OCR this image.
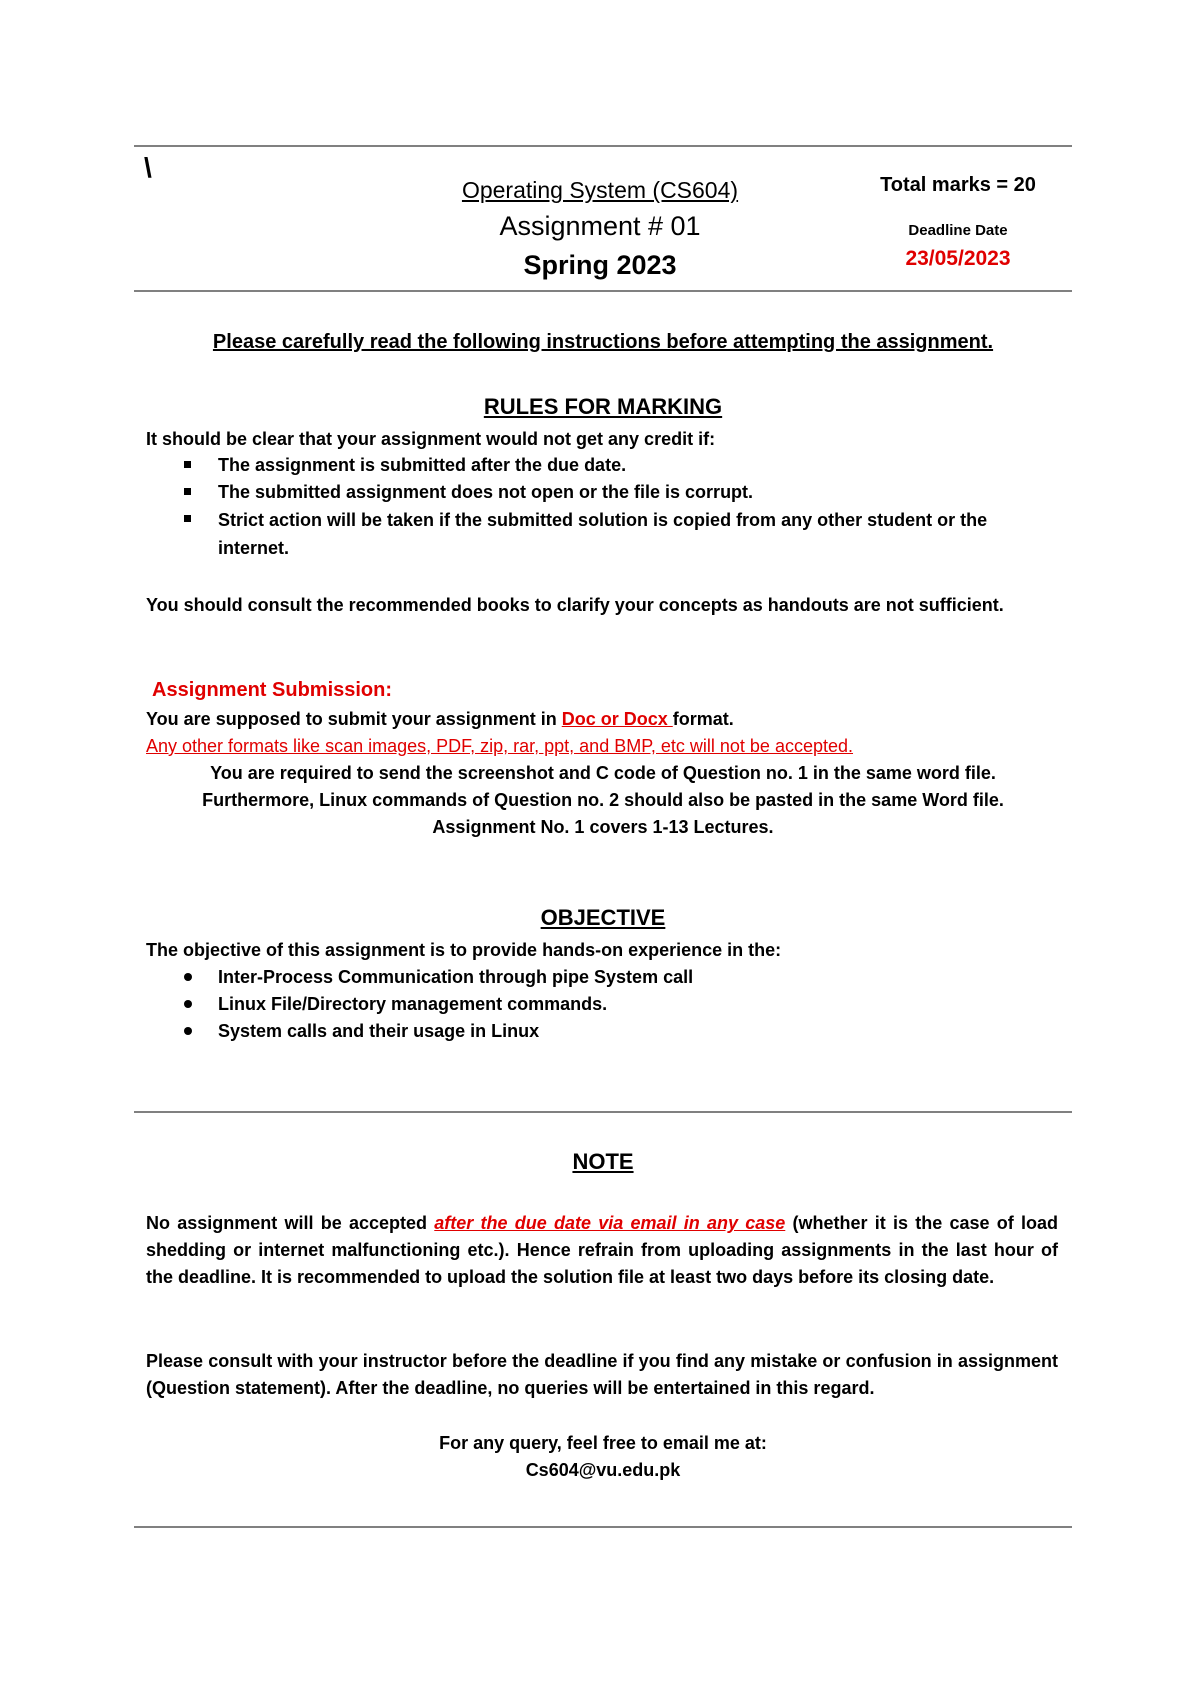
\
Operating System (CS604)
Assignment # 01
Spring 2023
Total marks = 20
Deadline Date
23/05/2023
Please carefully read the following instructions before attempting the assignment.
RULES FOR MARKING
It should be clear that your assignment would not get any credit if:
The assignment is submitted after the due date.
The submitted assignment does not open or the file is corrupt.
Strict action will be taken if the submitted solution is copied from any other student or the internet.
You should consult the recommended books to clarify your concepts as handouts are not sufficient.
Assignment Submission:
You are supposed to submit your assignment in Doc or Docx format.
Any other formats like scan images, PDF, zip, rar, ppt, and BMP, etc will not be accepted.
You are required to send the screenshot and C code of Question no. 1 in the same word file.
Furthermore, Linux commands of Question no. 2 should also be pasted in the same Word file.
Assignment No. 1 covers 1-13 Lectures.
OBJECTIVE
The objective of this assignment is to provide hands-on experience in the:
Inter-Process Communication through pipe System call
Linux File/Directory management commands.
System calls and their usage in Linux
NOTE
No assignment will be accepted after the due date via email in any case (whether it is the case of load shedding or internet malfunctioning etc.). Hence refrain from uploading assignments in the last hour of the deadline. It is recommended to upload the solution file at least two days before its closing date.
Please consult with your instructor before the deadline if you find any mistake or confusion in assignment (Question statement). After the deadline, no queries will be entertained in this regard.
For any query, feel free to email me at:
Cs604@vu.edu.pk
